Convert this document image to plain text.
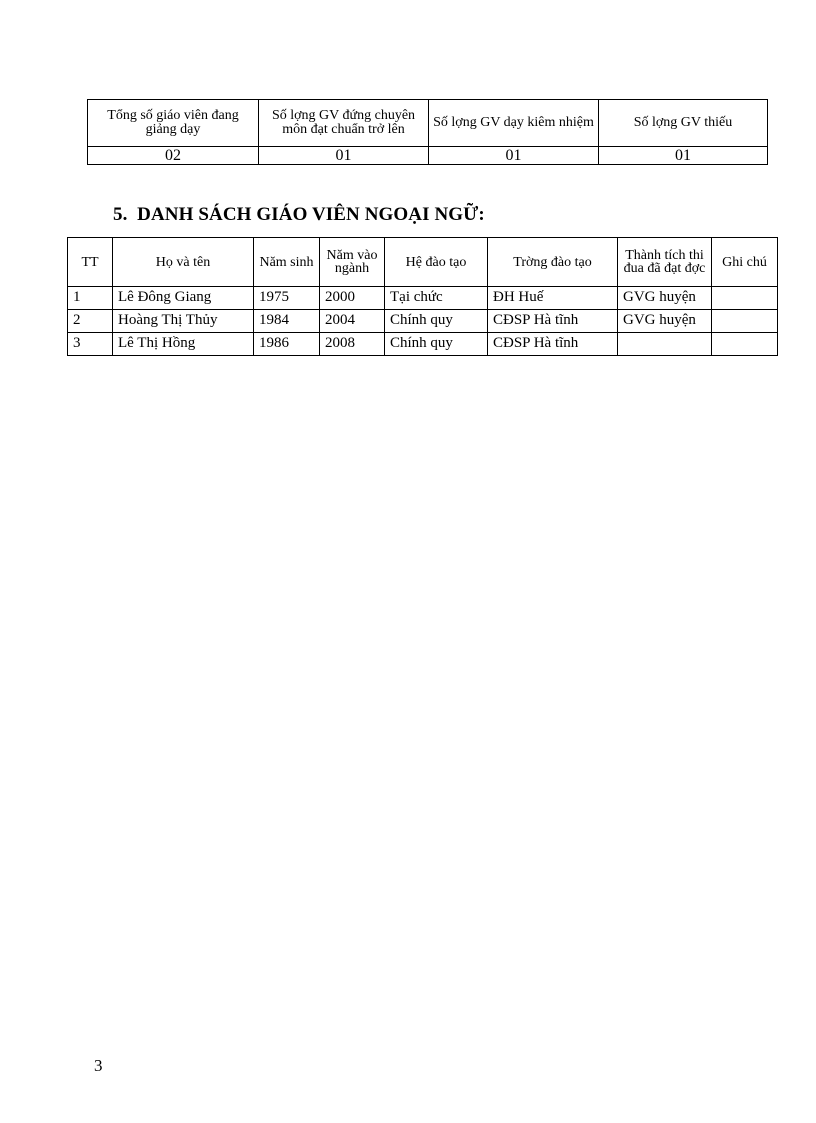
Tổng số giáo viên đang giảng dạy	Số lợng GV đứng chuyên môn đạt chuẩn trở lên	Số lợng GV dạy kiêm nhiệm	Số lợng GV thiếu
02	01	01	01
5. DANH SÁCH GIÁO VIÊN NGOẠI NGỮ:
TT	Họ và tên	Năm sinh	Năm vào ngành	Hệ đào tạo	Trờng đào tạo	Thành tích thi đua đã đạt đợc	Ghi chú
1	Lê Đông Giang	1975	2000	Tại chức	ĐH Huế	GVG huyện	
2	Hoàng Thị Thủy	1984	2004	Chính quy	CĐSP Hà tĩnh	GVG huyện	
3	Lê Thị Hồng	1986	2008	Chính quy	CĐSP Hà tĩnh		
3
